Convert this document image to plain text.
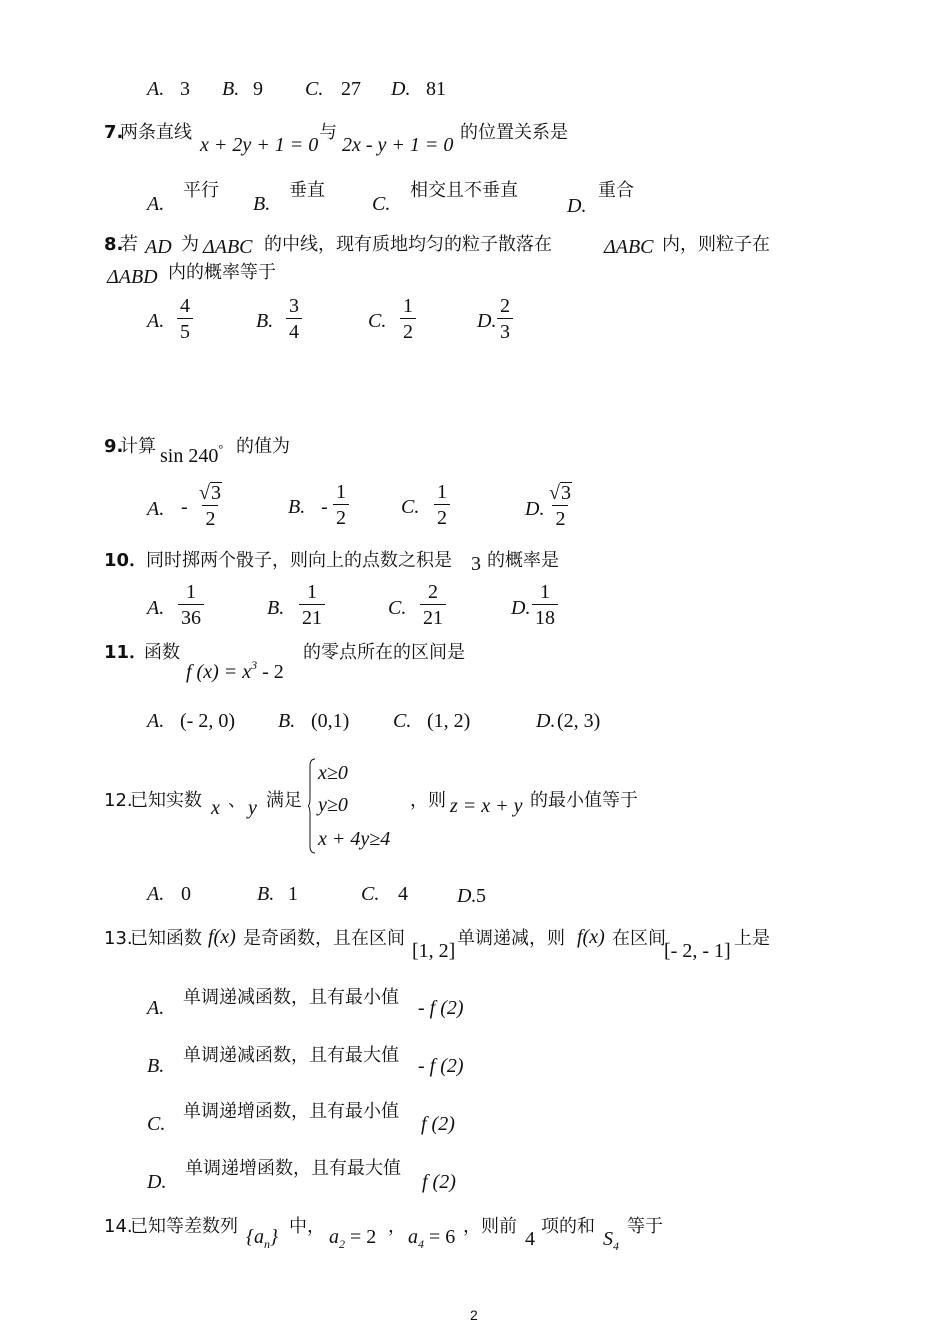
A. 3 B. 9 C. 27 D. 81
7.
两条直线
x + 2y + 1 = 0
与
2x - y + 1 = 0
的位置关系是
A.
平行
B.
垂直
C.
相交且不垂直
D.
重合
8.
若 AD 为 ΔABC 的中线，现有质地均匀的粒子散落在	ΔABC 内，则粒子在
ΔABD 内的概率等于
A. $\frac{4}{5}$	B. $\frac{3}{4}$	C. $\frac{1}{2}$	D. $\frac{2}{3}$
9.
计算 sin 240° 的值为
A. - $\frac{√3}{2}$	B. - $\frac{1}{2}$	C. $\frac{1}{2}$	D. $\frac{√3}{2}$
10．
同时掷两个骰子，则向上的点数之积是 3 的概率是
A. $\frac{1}{36}$	B. $\frac{1}{21}$	C. $\frac{2}{21}$	D. $\frac{1}{18}$
11．
函数
f $(x) = x^3 - 2$
的零点所在的区间是
A. (- 2, 0) B. (0,1) C. (1, 2)	D. (2, 3)
12.
已知实数 x 、 y 满足
x≥0
y≥0
x + 4y≥4
，则 z = x + y 的最小值等于
A. 0	B. 1	C. 4 D. 5
13.
已知函数 f(x) 是奇函数，且在区间
[1, 2]
单调递减，则 f(x) 在区间
[- 2, - 1]
上是
A. 单调递减函数，且有最小值 - f (2)
B. 单调递减函数，且有最大值 - f (2)
C.
单调递增函数，且有最小值
f (2)
D.
单调递增函数，且有最大值
f (2)
14.
已知等差数列 $\{a_n\}$ 中， $a_2 = 2$ ， $a_4 = 6$ ，则前
4
项的和
$S_4$
等于
2
